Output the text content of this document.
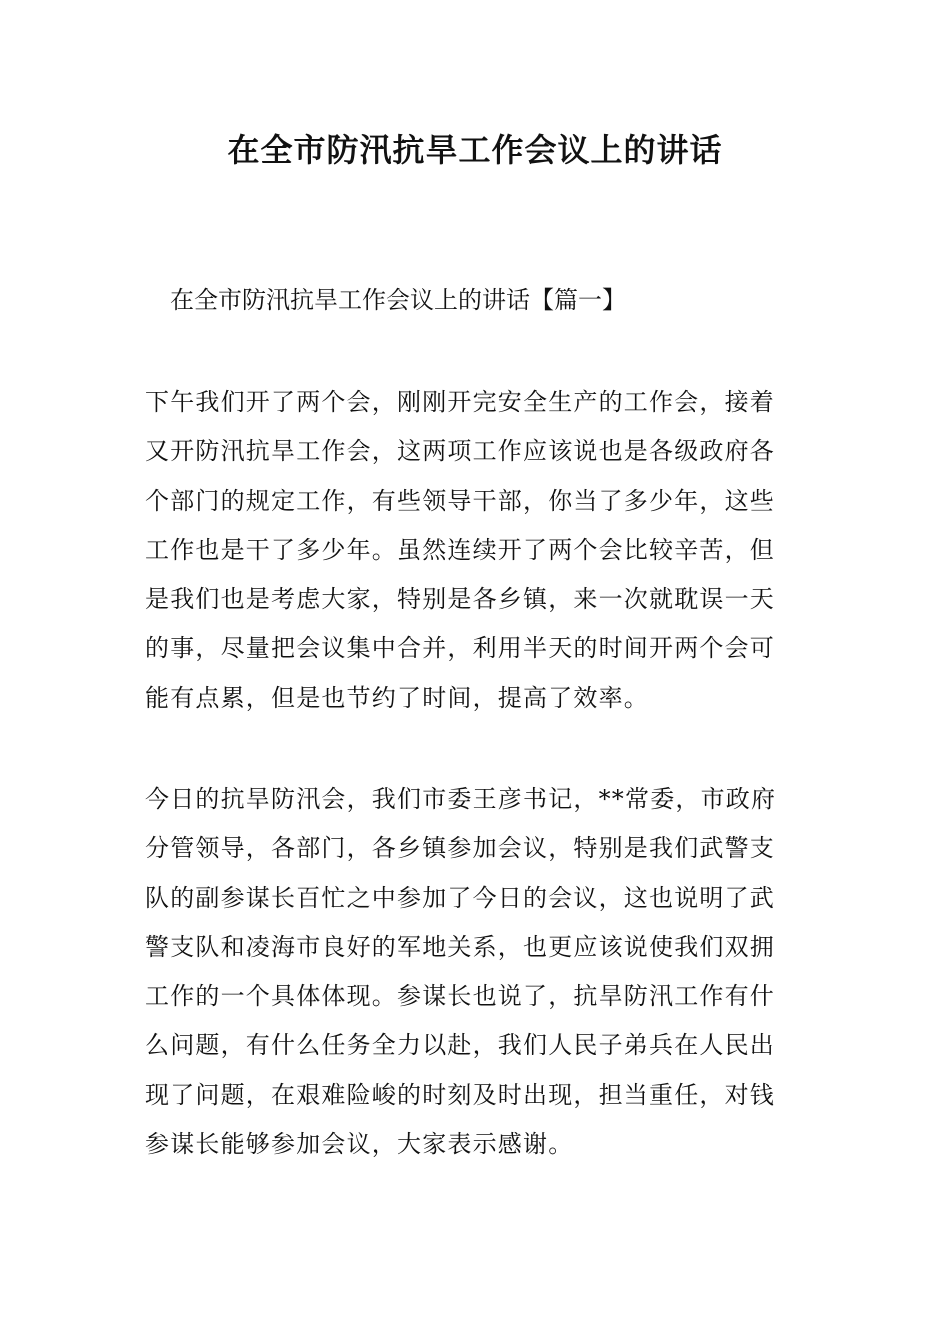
在全市防汛抗旱工作会议上的讲话

在全市防汛抗旱工作会议上的讲话【篇一】

下午我们开了两个会，刚刚开完安全生产的工作会，接着
又开防汛抗旱工作会，这两项工作应该说也是各级政府各
个部门的规定工作，有些领导干部，你当了多少年，这些
工作也是干了多少年。虽然连续开了两个会比较辛苦，但
是我们也是考虑大家，特别是各乡镇，来一次就耽误一天
的事，尽量把会议集中合并，利用半天的时间开两个会可
能有点累，但是也节约了时间，提高了效率。
今日的抗旱防汛会，我们市委王彦书记，**常委，市政府
分管领导，各部门，各乡镇参加会议，特别是我们武警支
队的副参谋长百忙之中参加了今日的会议，这也说明了武
警支队和凌海市良好的军地关系，也更应该说使我们双拥
工作的一个具体体现。参谋长也说了，抗旱防汛工作有什
么问题，有什么任务全力以赴，我们人民子弟兵在人民出
现了问题，在艰难险峻的时刻及时出现，担当重任，对钱
参谋长能够参加会议，大家表示感谢。
